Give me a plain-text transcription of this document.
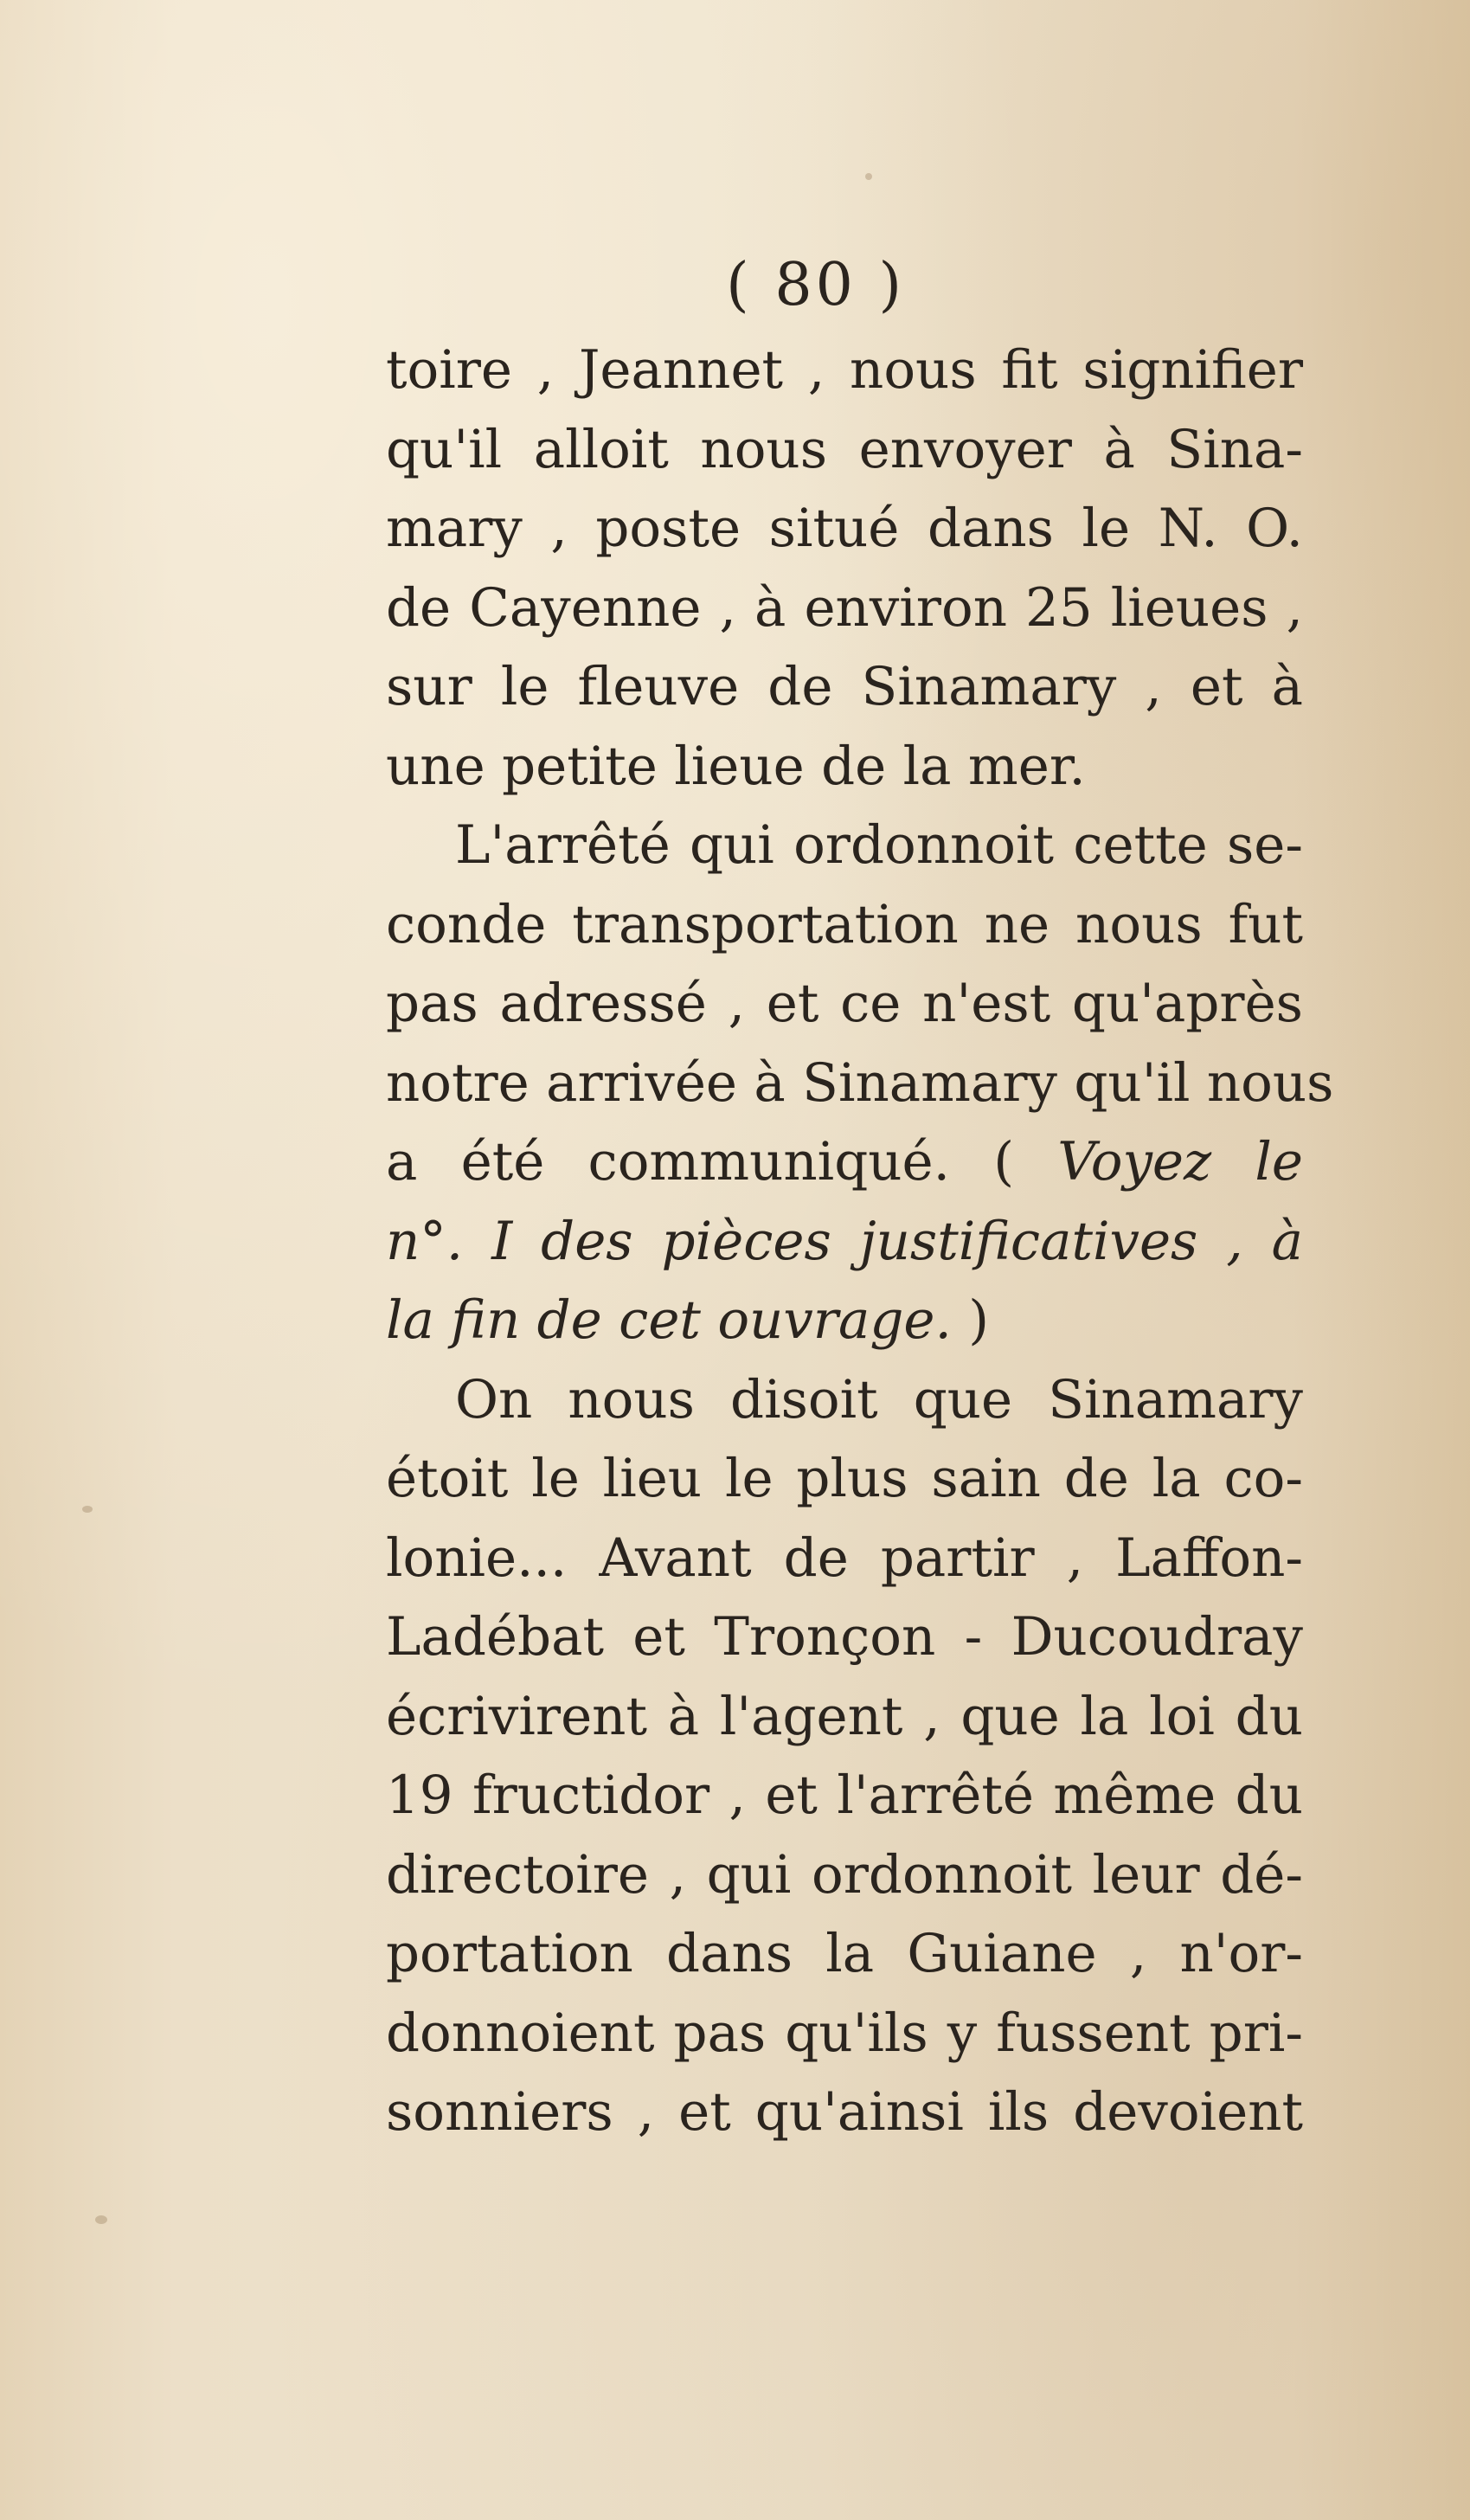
( 80 )
toire , Jeannet , nous fit signifier
qu'il alloit nous envoyer à Sina-
mary , poste situé dans le N. O.
de Cayenne , à environ 25 lieues ,
sur le fleuve de Sinamary , et à
une petite lieue de la mer.
L'arrêté qui ordonnoit cette se-
conde transportation ne nous fut
pas adressé , et ce n'est qu'après
notre arrivée à Sinamary qu'il nous
a été communiqué. ( Voyez le
n°. I des pièces justificatives , à
la fin de cet ouvrage. )
On nous disoit que Sinamary
étoit le lieu le plus sain de la co-
lonie... Avant de partir , Laffon-
Ladébat et Tronçon - Ducoudray
écrivirent à l'agent , que la loi du
19 fructidor , et l'arrêté même du
directoire , qui ordonnoit leur dé-
portation dans la Guiane , n'or-
donnoient pas qu'ils y fussent pri-
sonniers , et qu'ainsi ils devoient
